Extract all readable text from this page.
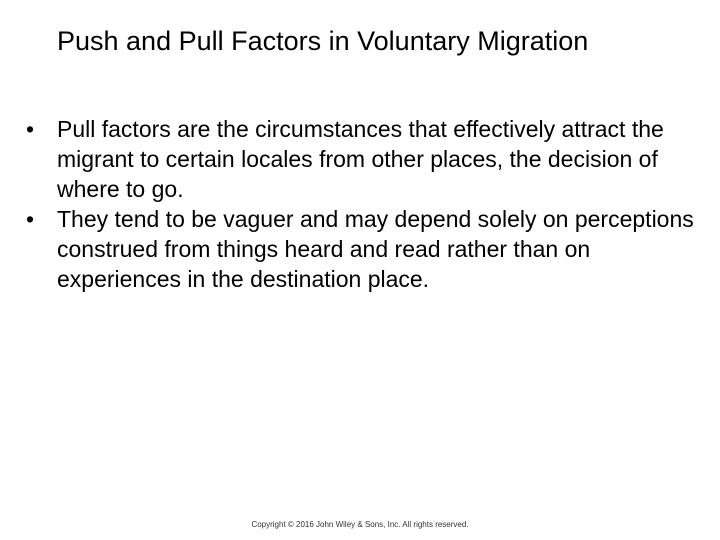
Push and Pull Factors in Voluntary Migration
• Pull factors are the circumstances that effectively attract the migrant to certain locales from other places, the decision of where to go.
• They tend to be vaguer and may depend solely on perceptions construed from things heard and read rather than on experiences in the destination place.
Copyright © 2016 John Wiley & Sons, Inc. All rights reserved.
